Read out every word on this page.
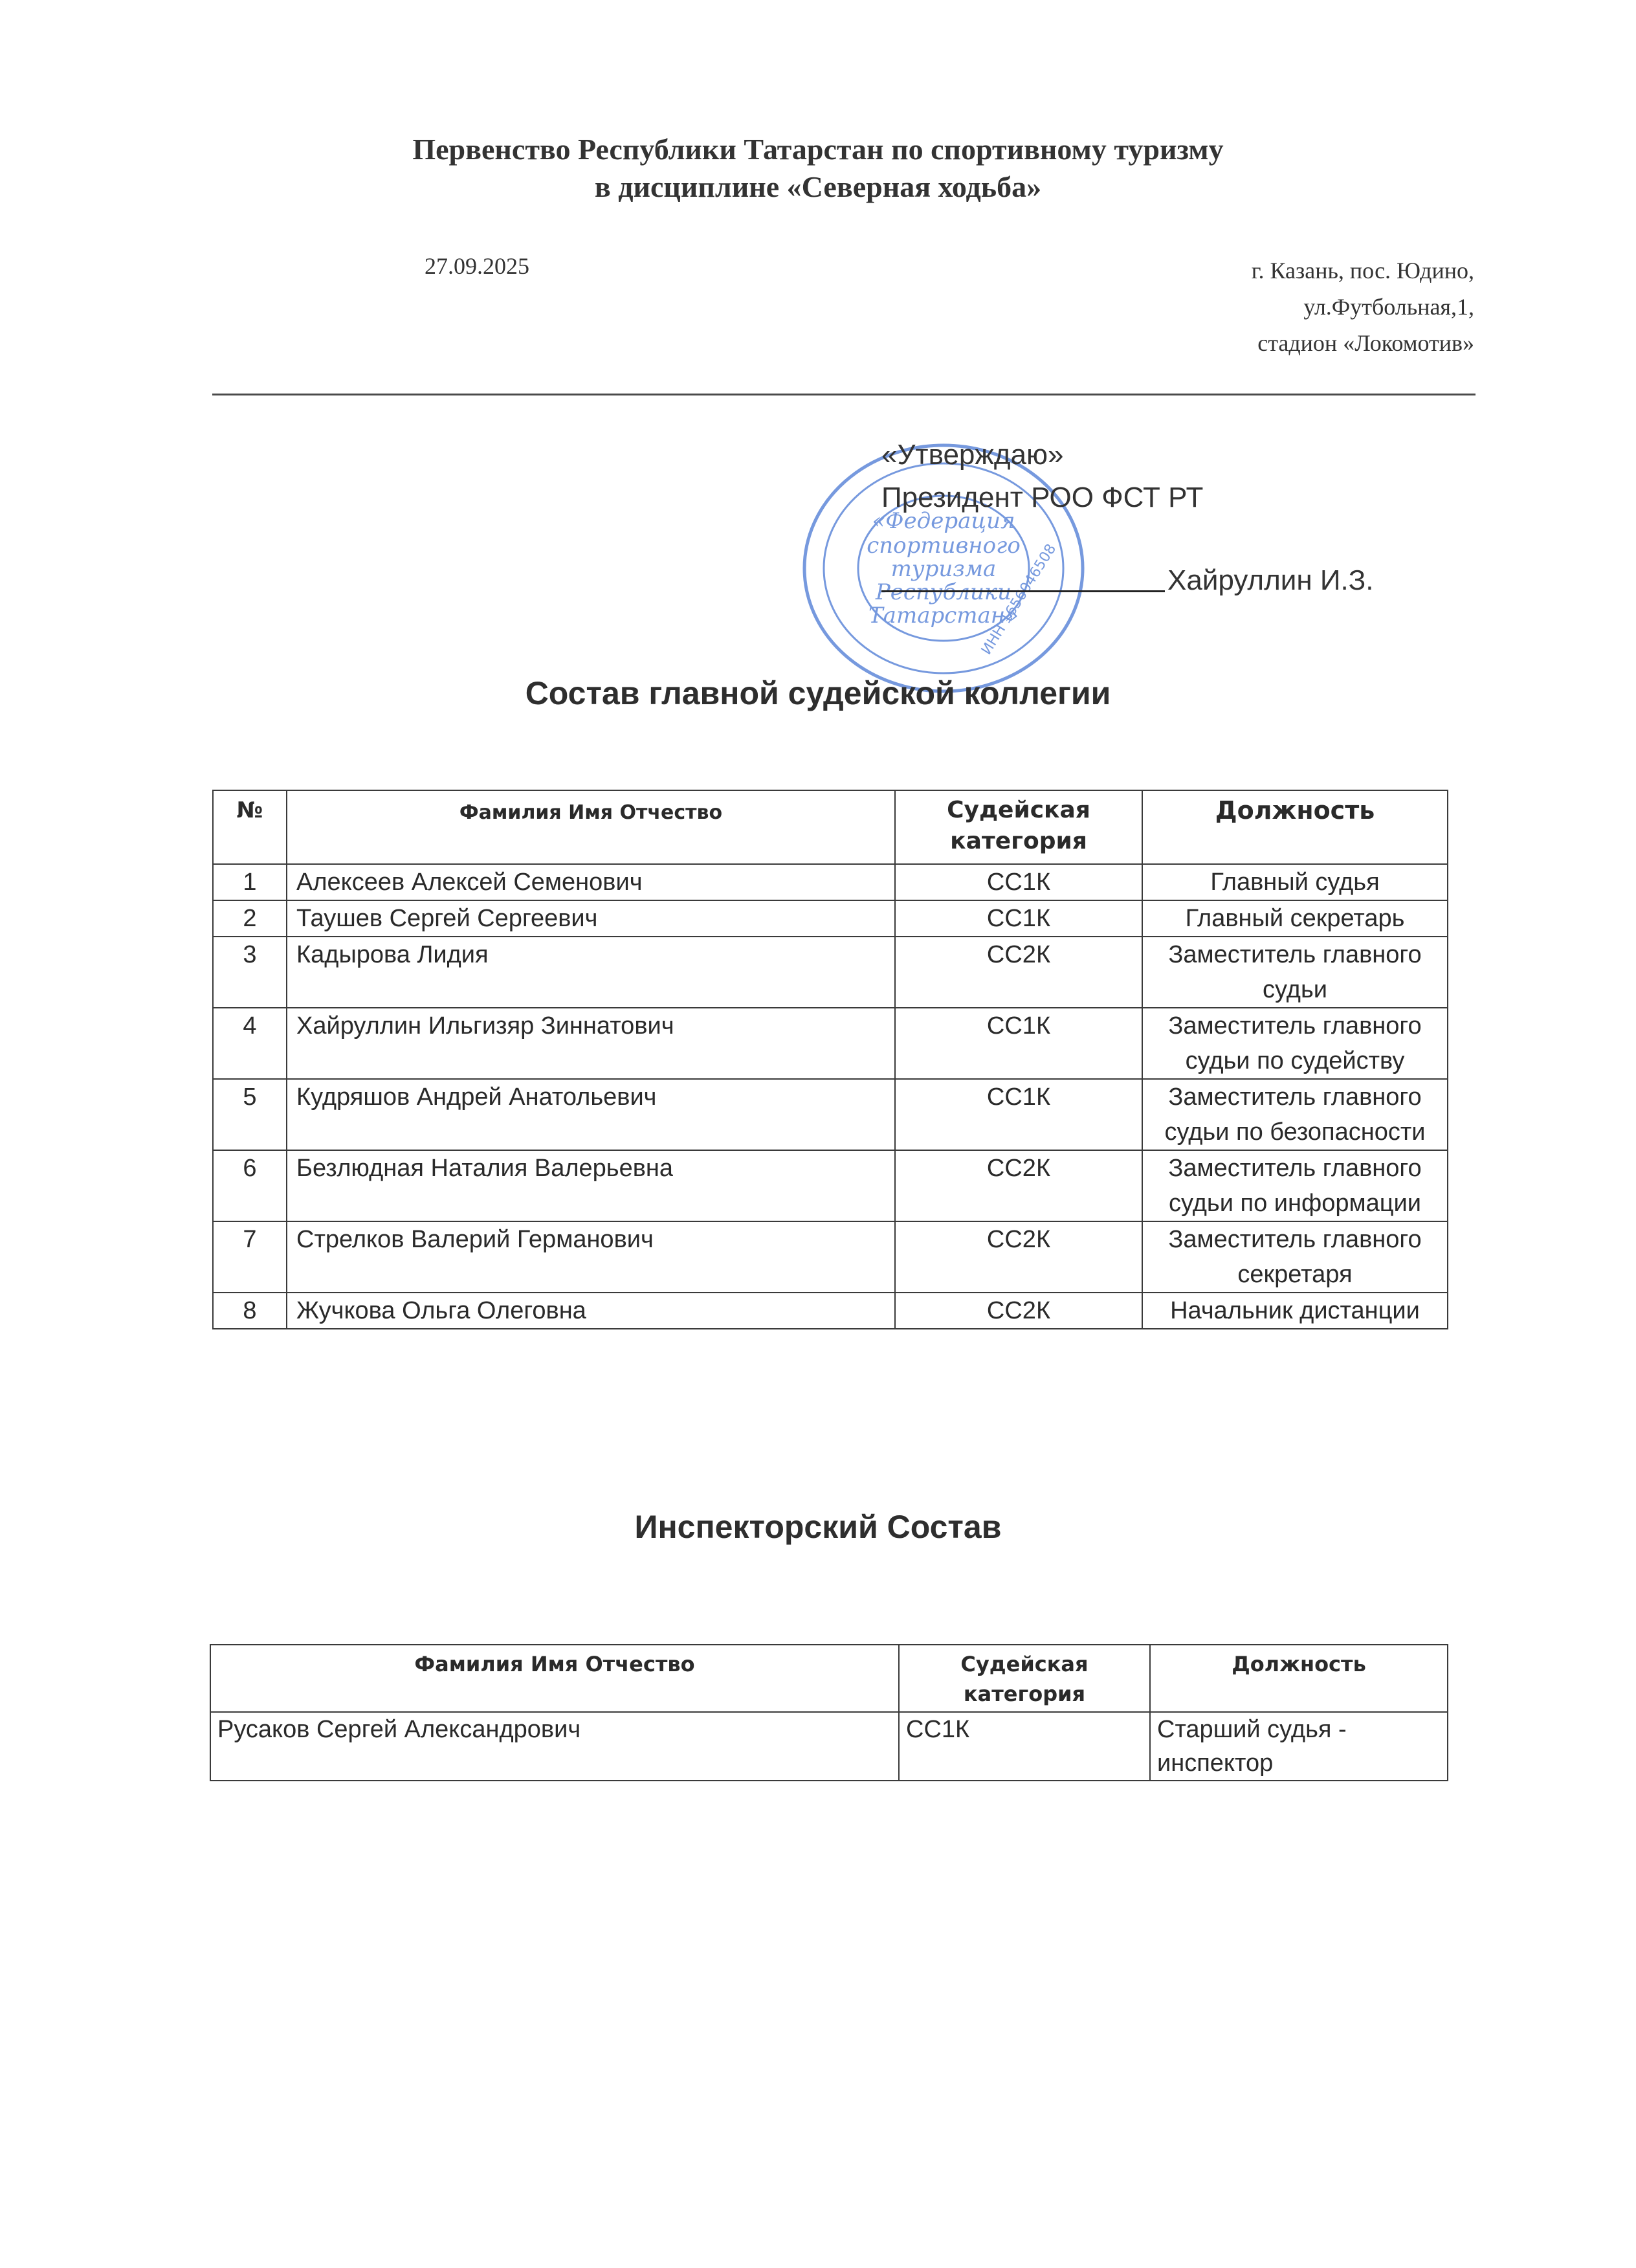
Первенство Республики Татарстан по спортивному туризму
в дисциплине «Северная ходьба»
27.09.2025	г. Казань, пос. Юдино,
ул.Футбольная,1,
стадион «Локомотив»
«Федерация
спортивного
туризма
Республики
Татарстан»
ИНН 1656046508
«Утверждаю»
Президент РОО ФСТ РТ
Хайруллин И.З.
Состав главной судейской коллегии
№	Фамилия Имя Отчество	Судейская категория	Должность
1	Алексеев Алексей Семенович	СС1К	Главный судья
2	Таушев Сергей Сергеевич	СС1К	Главный секретарь
3	Кадырова Лидия	СС2К	Заместитель главного судьи
4	Хайруллин Ильгизяр Зиннатович	СС1К	Заместитель главного судьи по судейству
5	Кудряшов Андрей Анатольевич	СС1К	Заместитель главного судьи по безопасности
6	Безлюдная Наталия Валерьевна	СС2К	Заместитель главного судьи по информации
7	Стрелков Валерий Германович	СС2К	Заместитель главного секретаря
8	Жучкова Ольга Олеговна	СС2К	Начальник дистанции
Инспекторский Состав
Фамилия Имя Отчество	Судейская категория	Должность
Русаков Сергей Александрович	СС1К	Старший судья - инспектор
